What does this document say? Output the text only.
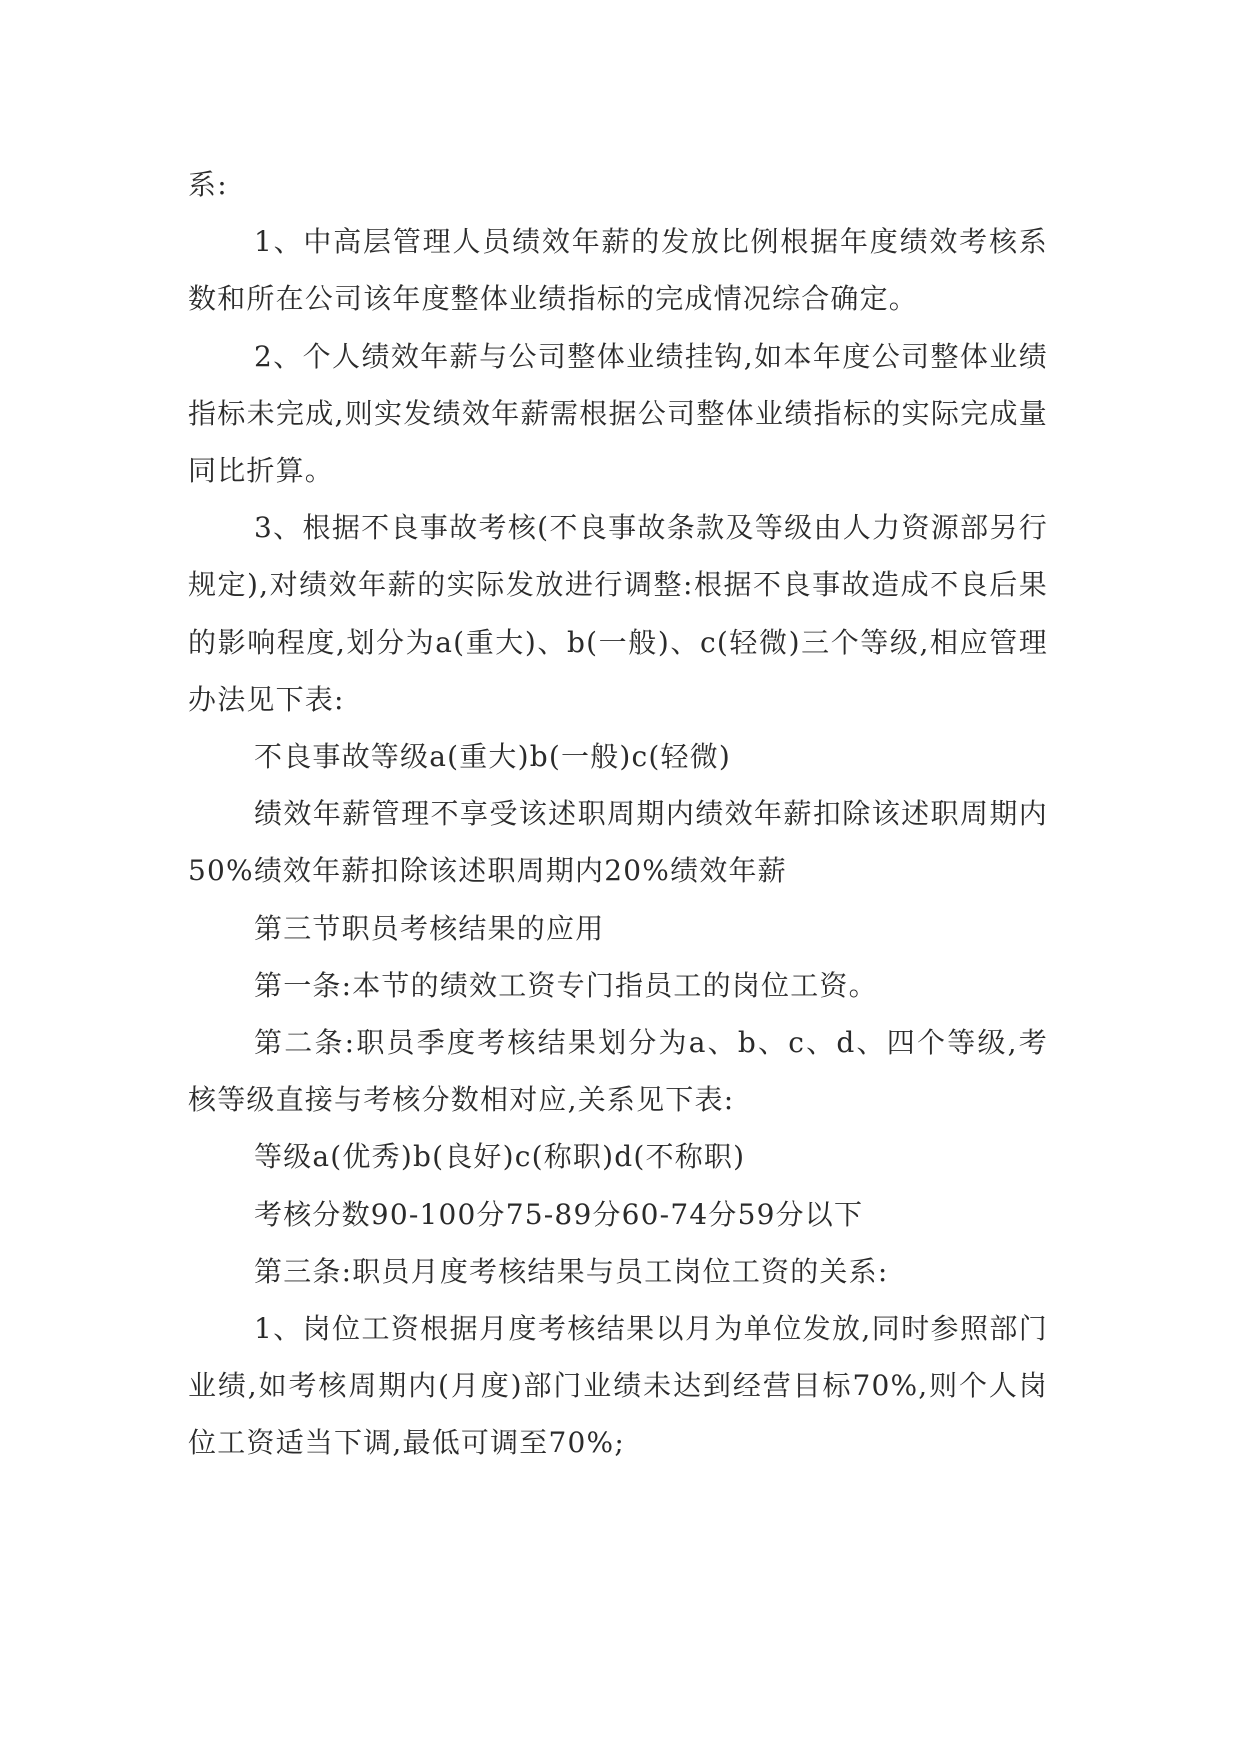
系:

1、中高层管理人员绩效年薪的发放比例根据年度绩效考核系数和所在公司该年度整体业绩指标的完成情况综合确定。

2、个人绩效年薪与公司整体业绩挂钩,如本年度公司整体业绩指标未完成,则实发绩效年薪需根据公司整体业绩指标的实际完成量同比折算。

3、根据不良事故考核(不良事故条款及等级由人力资源部另行规定),对绩效年薪的实际发放进行调整:根据不良事故造成不良后果的影响程度,划分为a(重大)、b(一般)、c(轻微)三个等级,相应管理办法见下表:

不良事故等级a(重大)b(一般)c(轻微)

绩效年薪管理不享受该述职周期内绩效年薪扣除该述职周期内50%绩效年薪扣除该述职周期内20%绩效年薪

第三节职员考核结果的应用

第一条:本节的绩效工资专门指员工的岗位工资。

第二条:职员季度考核结果划分为a、b、c、d、四个等级,考核等级直接与考核分数相对应,关系见下表:

等级a(优秀)b(良好)c(称职)d(不称职)

考核分数90-100分75-89分60-74分59分以下

第三条:职员月度考核结果与员工岗位工资的关系:

1、岗位工资根据月度考核结果以月为单位发放,同时参照部门业绩,如考核周期内(月度)部门业绩未达到经营目标70%,则个人岗位工资适当下调,最低可调至70%;
